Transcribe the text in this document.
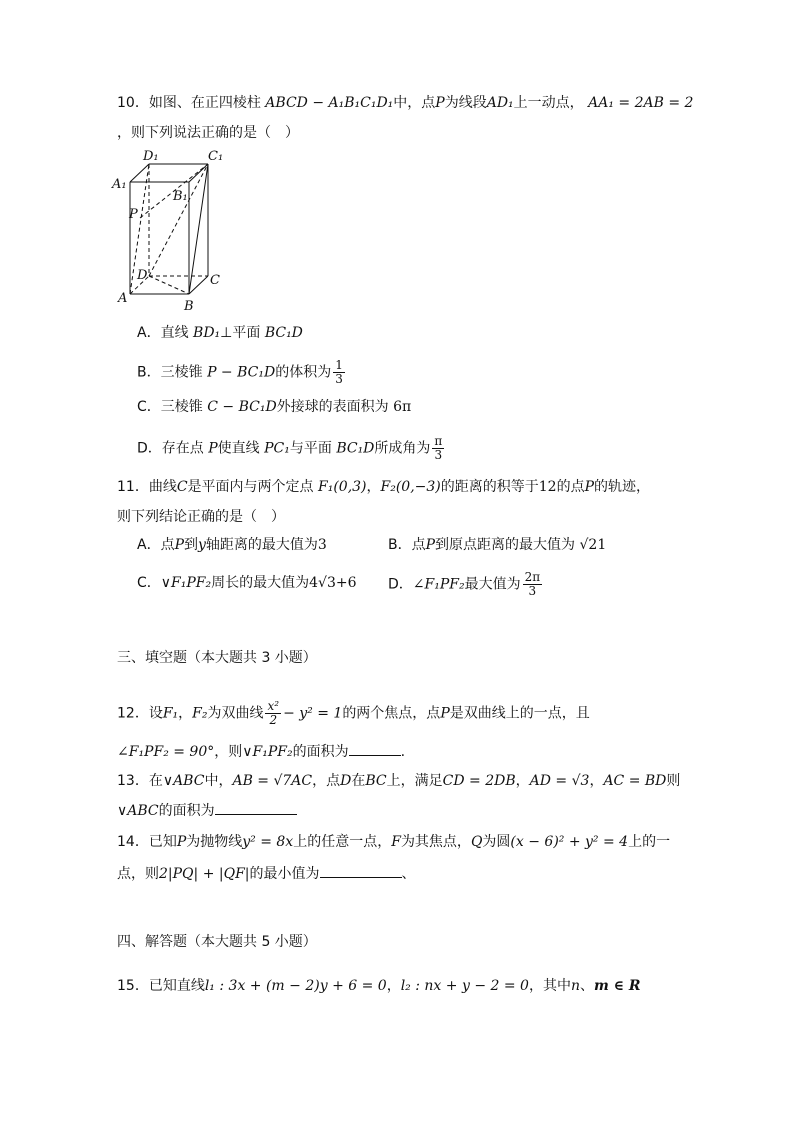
10．如图、在正四棱柱 ABCD − A₁B₁C₁D₁中，点P为线段AD₁上一动点， AA₁ = 2AB = 2
，则下列说法正确的是（　）
D₁	C₁
A₁
B₁
P
D	C
A
B
A．直线 BD₁⊥平面 BC₁D
B．三棱锥 P − BC₁D的体积为 $\frac{1}{3}$
C．三棱锥 C − BC₁D外接球的表面积为 6π
D．存在点 P使直线 PC₁与平面 BC₁D所成角为 $\frac{\pi}{3}$
11．曲线C是平面内与两个定点 F₁(0,3)，F₂(0,−3)的距离的积等于12的点P的轨迹，
则下列结论正确的是（　）
A．点P到y轴距离的最大值为3	B．点P到原点距离的最大值为 √21
C．∨F₁PF₂周长的最大值为4√3+6 D．∠F₁PF₂最大值为 $\frac{2\pi}{3}$
三、填空题（本大题共 3 小题）
12．设F₁，F₂为双曲线 $\frac{\text{x²}}{2} - y^2 = 1$的两个焦点，点P是双曲线上的一点，且
∠F₁PF₂ = 90°，则∨F₁PF₂的面积为	.
13．在∨ABC中，AB = √7AC，点D在BC上，满足CD = 2DB，AD = √3，AC = BD则
∨ABC的面积为
14．已知P为抛物线y² = 8x上的任意一点，F为其焦点，Q为圆(x − 6)² + y² = 4上的一
点，则2|PQ| + |QF|的最小值为	、
四、解答题（本大题共 5 小题）
15．已知直线l₁ : 3x + (m − 2)y + 6 = 0，l₂ : nx + y − 2 = 0，其中n、m ∈ R
